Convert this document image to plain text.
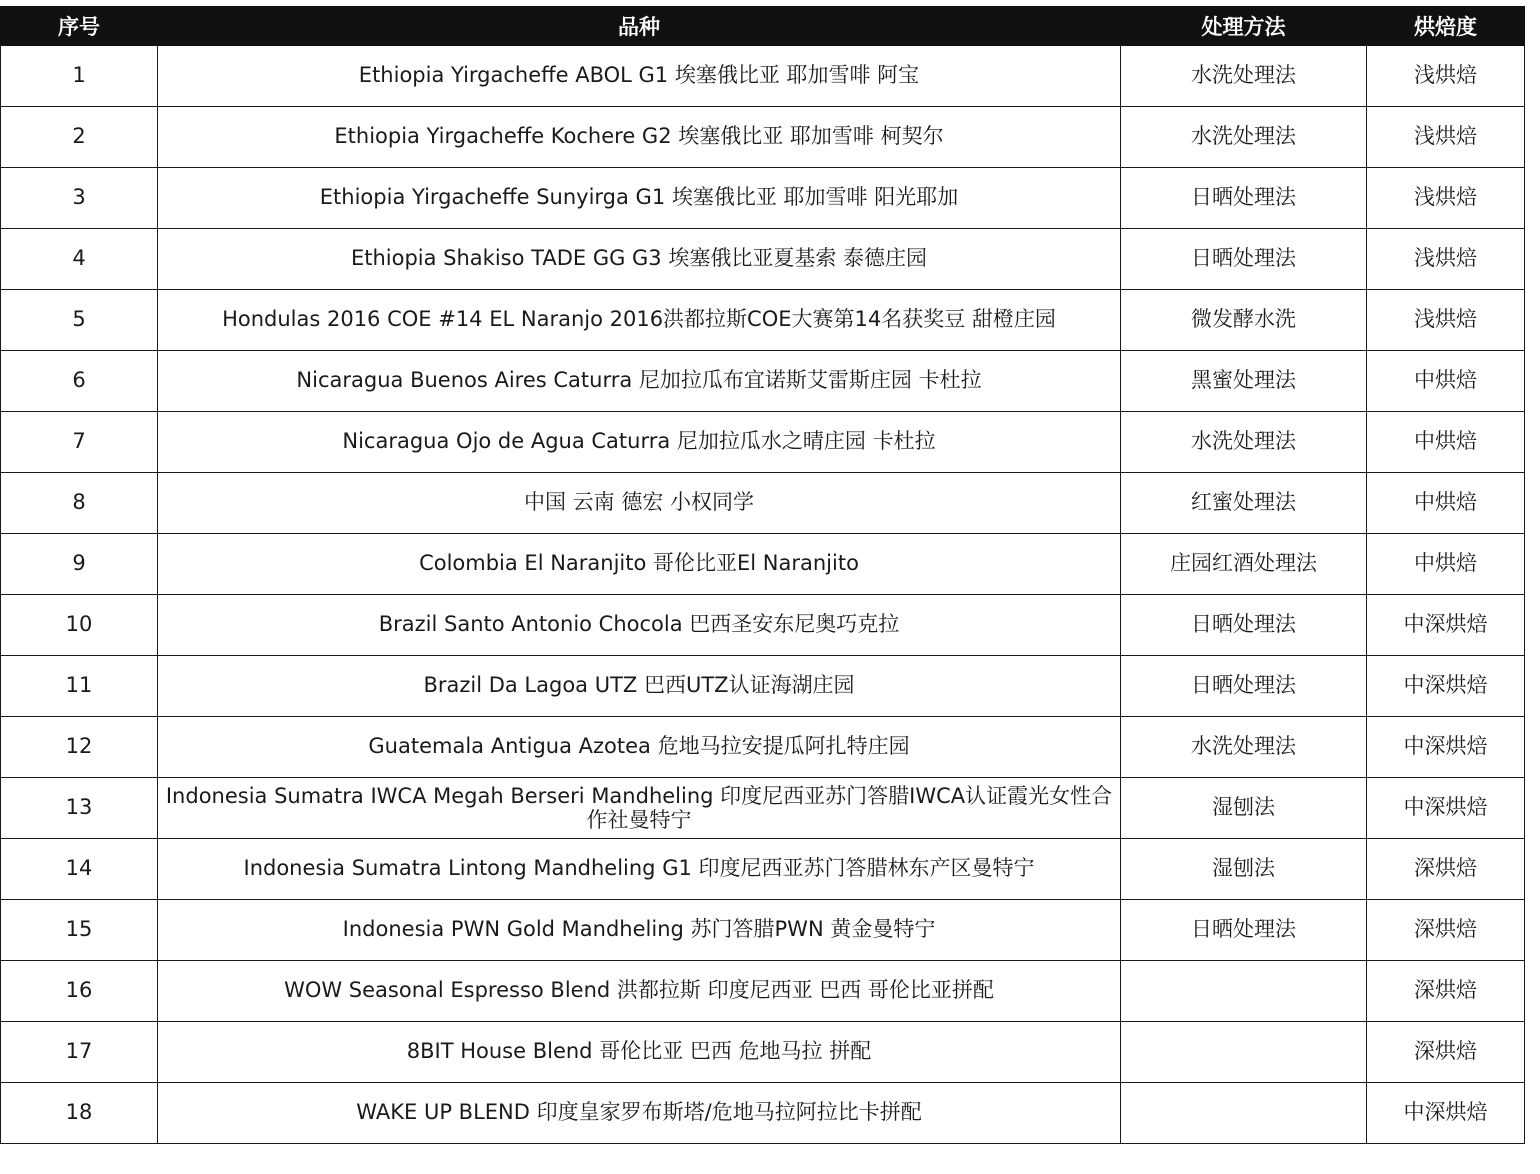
序号	品种	处理方法	烘焙度
1	Ethiopia Yirgacheffe ABOL G1 埃塞俄比亚 耶加雪啡 阿宝	水洗处理法	浅烘焙
2	Ethiopia Yirgacheffe Kochere G2 埃塞俄比亚 耶加雪啡 柯契尔	水洗处理法	浅烘焙
3	Ethiopia Yirgacheffe Sunyirga G1 埃塞俄比亚 耶加雪啡 阳光耶加	日晒处理法	浅烘焙
4	Ethiopia Shakiso TADE GG G3 埃塞俄比亚夏基索 泰德庄园	日晒处理法	浅烘焙
5	Hondulas 2016 COE #14 EL Naranjo 2016洪都拉斯COE大赛第14名获奖豆 甜橙庄园	微发酵水洗	浅烘焙
6	Nicaragua Buenos Aires Caturra 尼加拉瓜布宜诺斯艾雷斯庄园 卡杜拉	黑蜜处理法	中烘焙
7	Nicaragua Ojo de Agua Caturra 尼加拉瓜水之晴庄园 卡杜拉	水洗处理法	中烘焙
8	中国 云南 德宏 小权同学	红蜜处理法	中烘焙
9	Colombia El Naranjito 哥伦比亚El Naranjito	庄园红酒处理法	中烘焙
10	Brazil Santo Antonio Chocola 巴西圣安东尼奥巧克拉	日晒处理法	中深烘焙
11	Brazil Da Lagoa UTZ 巴西UTZ认证海湖庄园	日晒处理法	中深烘焙
12	Guatemala Antigua Azotea 危地马拉安提瓜阿扎特庄园	水洗处理法	中深烘焙
13	Indonesia Sumatra IWCA Megah Berseri Mandheling 印度尼西亚苏门答腊IWCA认证霞光女性合作社曼特宁	湿刨法	中深烘焙
14	Indonesia Sumatra Lintong Mandheling G1 印度尼西亚苏门答腊林东产区曼特宁	湿刨法	深烘焙
15	Indonesia PWN Gold Mandheling 苏门答腊PWN 黄金曼特宁	日晒处理法	深烘焙
16	WOW Seasonal Espresso Blend 洪都拉斯 印度尼西亚 巴西 哥伦比亚拼配		深烘焙
17	8BIT House Blend 哥伦比亚 巴西 危地马拉 拼配		深烘焙
18	WAKE UP BLEND 印度皇家罗布斯塔/危地马拉阿拉比卡拼配		中深烘焙
